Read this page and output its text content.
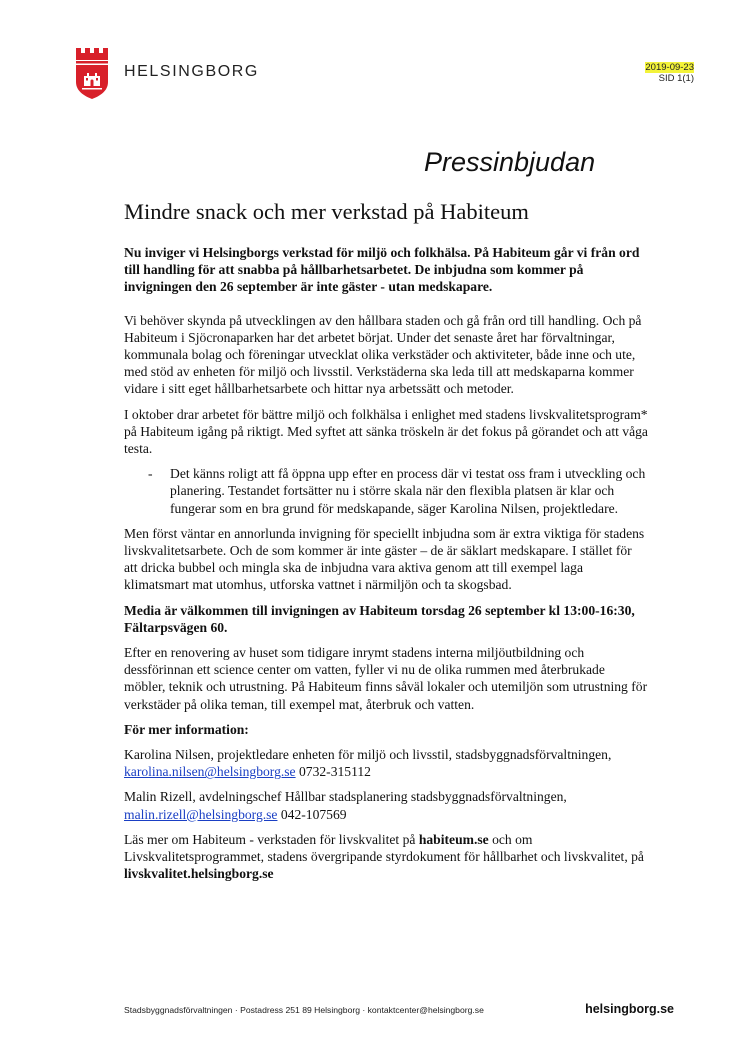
HELSINGBORG	2019-09-23
SID 1(1)
Pressinbjudan
Mindre snack och mer verkstad på Habiteum

Nu inviger vi Helsingborgs verkstad för miljö och folkhälsa. På Habiteum går vi från ord till handling för att snabba på hållbarhetsarbetet. De inbjudna som kommer på invigningen den 26 september är inte gäster - utan medskapare.

Vi behöver skynda på utvecklingen av den hållbara staden och gå från ord till handling. Och på Habiteum i Sjöcronaparken har det arbetet börjat. Under det senaste året har förvaltningar, kommunala bolag och föreningar utvecklat olika verkstäder och aktiviteter, både inne och ute, med stöd av enheten för miljö och livsstil. Verkstäderna ska leda till att medskaparna kommer vidare i sitt eget hållbarhetsarbete och hittar nya arbetssätt och metoder.

I oktober drar arbetet för bättre miljö och folkhälsa i enlighet med stadens livskvalitetsprogram* på Habiteum igång på riktigt. Med syftet att sänka tröskeln är det fokus på görandet och att våga testa.

- Det känns roligt att få öppna upp efter en process där vi testat oss fram i utveckling och planering. Testandet fortsätter nu i större skala när den flexibla platsen är klar och fungerar som en bra grund för medskapande, säger Karolina Nilsen, projektledare.

Men först väntar en annorlunda invigning för speciellt inbjudna som är extra viktiga för stadens livskvalitetsarbete. Och de som kommer är inte gäster – de är säklart medskapare. I stället för att dricka bubbel och mingla ska de inbjudna vara aktiva genom att till exempel laga klimatsmart mat utomhus, utforska vattnet i närmiljön och ta skogsbad.

Media är välkommen till invigningen av Habiteum torsdag 26 september kl 13:00-16:30, Fältarpsvägen 60.

Efter en renovering av huset som tidigare inrymt stadens interna miljöutbildning och dessförinnan ett science center om vatten, fyller vi nu de olika rummen med återbrukade möbler, teknik och utrustning. På Habiteum finns såväl lokaler och utemiljön som utrustning för verkstäder på olika teman, till exempel mat, återbruk och vatten.

För mer information:

Karolina Nilsen, projektledare enheten för miljö och livsstil, stadsbyggnadsförvaltningen, karolina.nilsen@helsingborg.se 0732-315112

Malin Rizell, avdelningschef Hållbar stadsplanering stadsbyggnadsförvaltningen, malin.rizell@helsingborg.se 042-107569

Läs mer om Habiteum - verkstaden för livskvalitet på habiteum.se och om Livskvalitetsprogrammet, stadens övergripande styrdokument för hållbarhet och livskvalitet, på livskvalitet.helsingborg.se

Stadsbyggnadsförvaltningen · Postadress 251 89 Helsingborg · kontaktcenter@helsingborg.se	helsingborg.se
